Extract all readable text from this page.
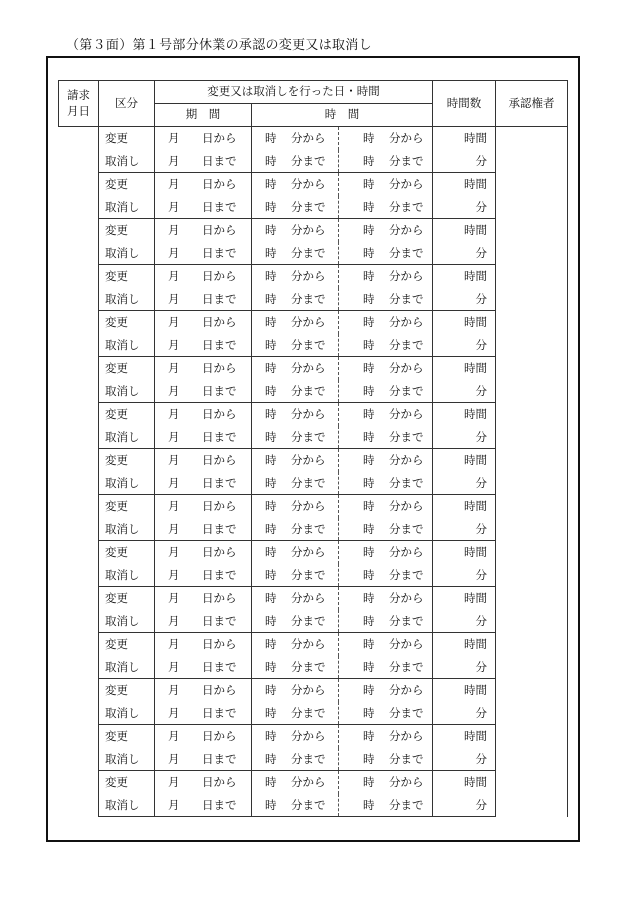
（第３面）第１号部分休業の承認の変更又は取消し
請求
月日	区分	変更又は取消しを行った日・時間			時間数	承認権者
		期　間	時　間			
	変更	月 日から	時 分から	時 分から	時間	
	取消し	月 日まで	時 分まで	時 分まで	分	
	変更	月 日から	時 分から	時 分から	時間	
	取消し	月 日まで	時 分まで	時 分まで	分	
	変更	月 日から	時 分から	時 分から	時間	
	取消し	月 日まで	時 分まで	時 分まで	分	
	変更	月 日から	時 分から	時 分から	時間	
	取消し	月 日まで	時 分まで	時 分まで	分	
	変更	月 日から	時 分から	時 分から	時間	
	取消し	月 日まで	時 分まで	時 分まで	分	
	変更	月 日から	時 分から	時 分から	時間	
	取消し	月 日まで	時 分まで	時 分まで	分	
	変更	月 日から	時 分から	時 分から	時間	
	取消し	月 日まで	時 分まで	時 分まで	分	
	変更	月 日から	時 分から	時 分から	時間	
	取消し	月 日まで	時 分まで	時 分まで	分	
	変更	月 日から	時 分から	時 分から	時間	
	取消し	月 日まで	時 分まで	時 分まで	分	
	変更	月 日から	時 分から	時 分から	時間	
	取消し	月 日まで	時 分まで	時 分まで	分	
	変更	月 日から	時 分から	時 分から	時間	
	取消し	月 日まで	時 分まで	時 分まで	分	
	変更	月 日から	時 分から	時 分から	時間	
	取消し	月 日まで	時 分まで	時 分まで	分	
	変更	月 日から	時 分から	時 分から	時間	
	取消し	月 日まで	時 分まで	時 分まで	分	
	変更	月 日から	時 分から	時 分から	時間	
	取消し	月 日まで	時 分まで	時 分まで	分	
	変更	月 日から	時 分から	時 分から	時間	
	取消し	月 日まで	時 分まで	時 分まで	分	
